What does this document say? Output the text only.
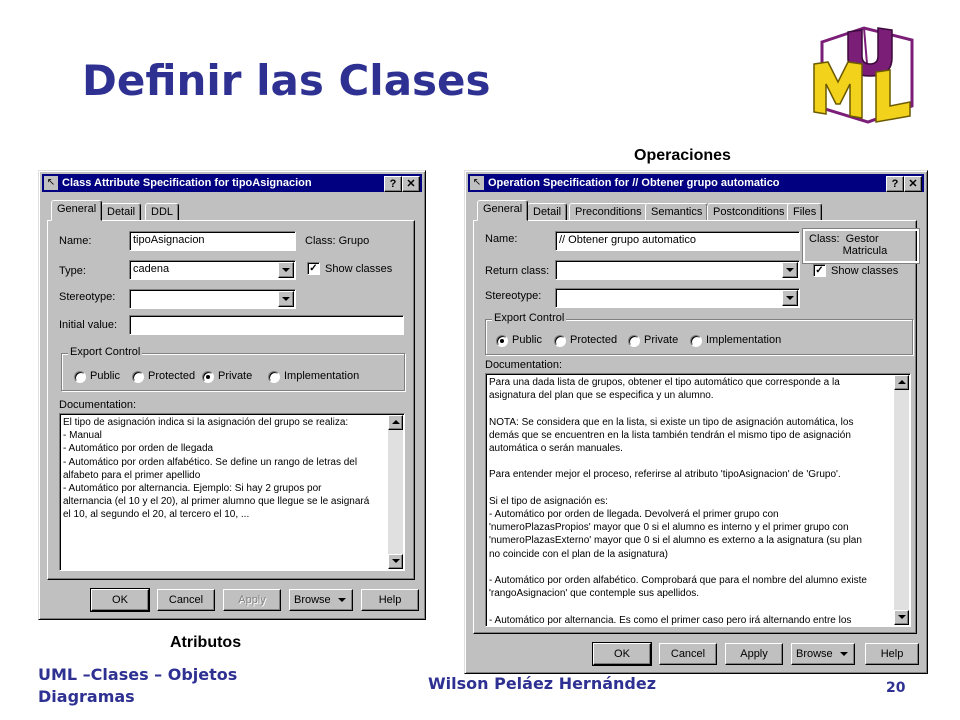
Definir las Clases
Operaciones
Atributos
UML –Clases – Objetos
Diagramas
Wilson Peláez Hernández	20
↖ Class Attribute Specification for tipoAsignacion	? ✕
General Detail	DDL
Name:	tipoAsignacion	Class: Grupo
Type:	cadena	✓ Show classes
Stereotype:
Initial value:
Export Control
Public	Protected Private	Implementation
Documentation:
El tipo de asignación indica si la asignación del grupo se realiza:
- Manual
- Automático por orden de llegada
- Automático por orden alfabético. Se define un rango de letras del
alfabeto para el primer apellido
- Automático por alternancia. Ejemplo: Si hay 2 grupos por
alternancia (el 10 y el 20), al primer alumno que llegue se le asignará
el 10, al segundo el 20, al tercero el 10, ...
OK	Cancel	Apply	Browse	Help
↖ Operation Specification for // Obtener grupo automatico	? ✕
General Detail	Preconditions Semantics Postconditions Files
Name:	// Obtener grupo automatico	Class:  Gestor
Matricula
Return class:	✓ Show classes
Stereotype:
Export Control
Public	Protected Private	Implementation
Documentation:
Para una dada lista de grupos, obtener el tipo automático que corresponde a la
asignatura del plan que se especifica y un alumno.

NOTA: Se considera que en la lista, si existe un tipo de asignación automática, los
demás que se encuentren en la lista también tendrán el mismo tipo de asignación
automática o serán manuales.

Para entender mejor el proceso, referirse al atributo 'tipoAsignacion' de 'Grupo'.

Si el tipo de asignación es:
- Automático por orden de llegada. Devolverá el primer grupo con
'numeroPlazasPropios' mayor que 0 si el alumno es interno y el primer grupo con
'numeroPlazasExterno' mayor que 0 si el alumno es externo a la asignatura (su plan
no coincide con el plan de la asignatura)

- Automático por orden alfabético. Comprobará que para el nombre del alumno existe
'rangoAsignacion' que contemple sus apellidos.

- Automático por alternancia. Es como el primer caso pero irá alternando entre los
OK	Cancel	Apply	Browse	Help
